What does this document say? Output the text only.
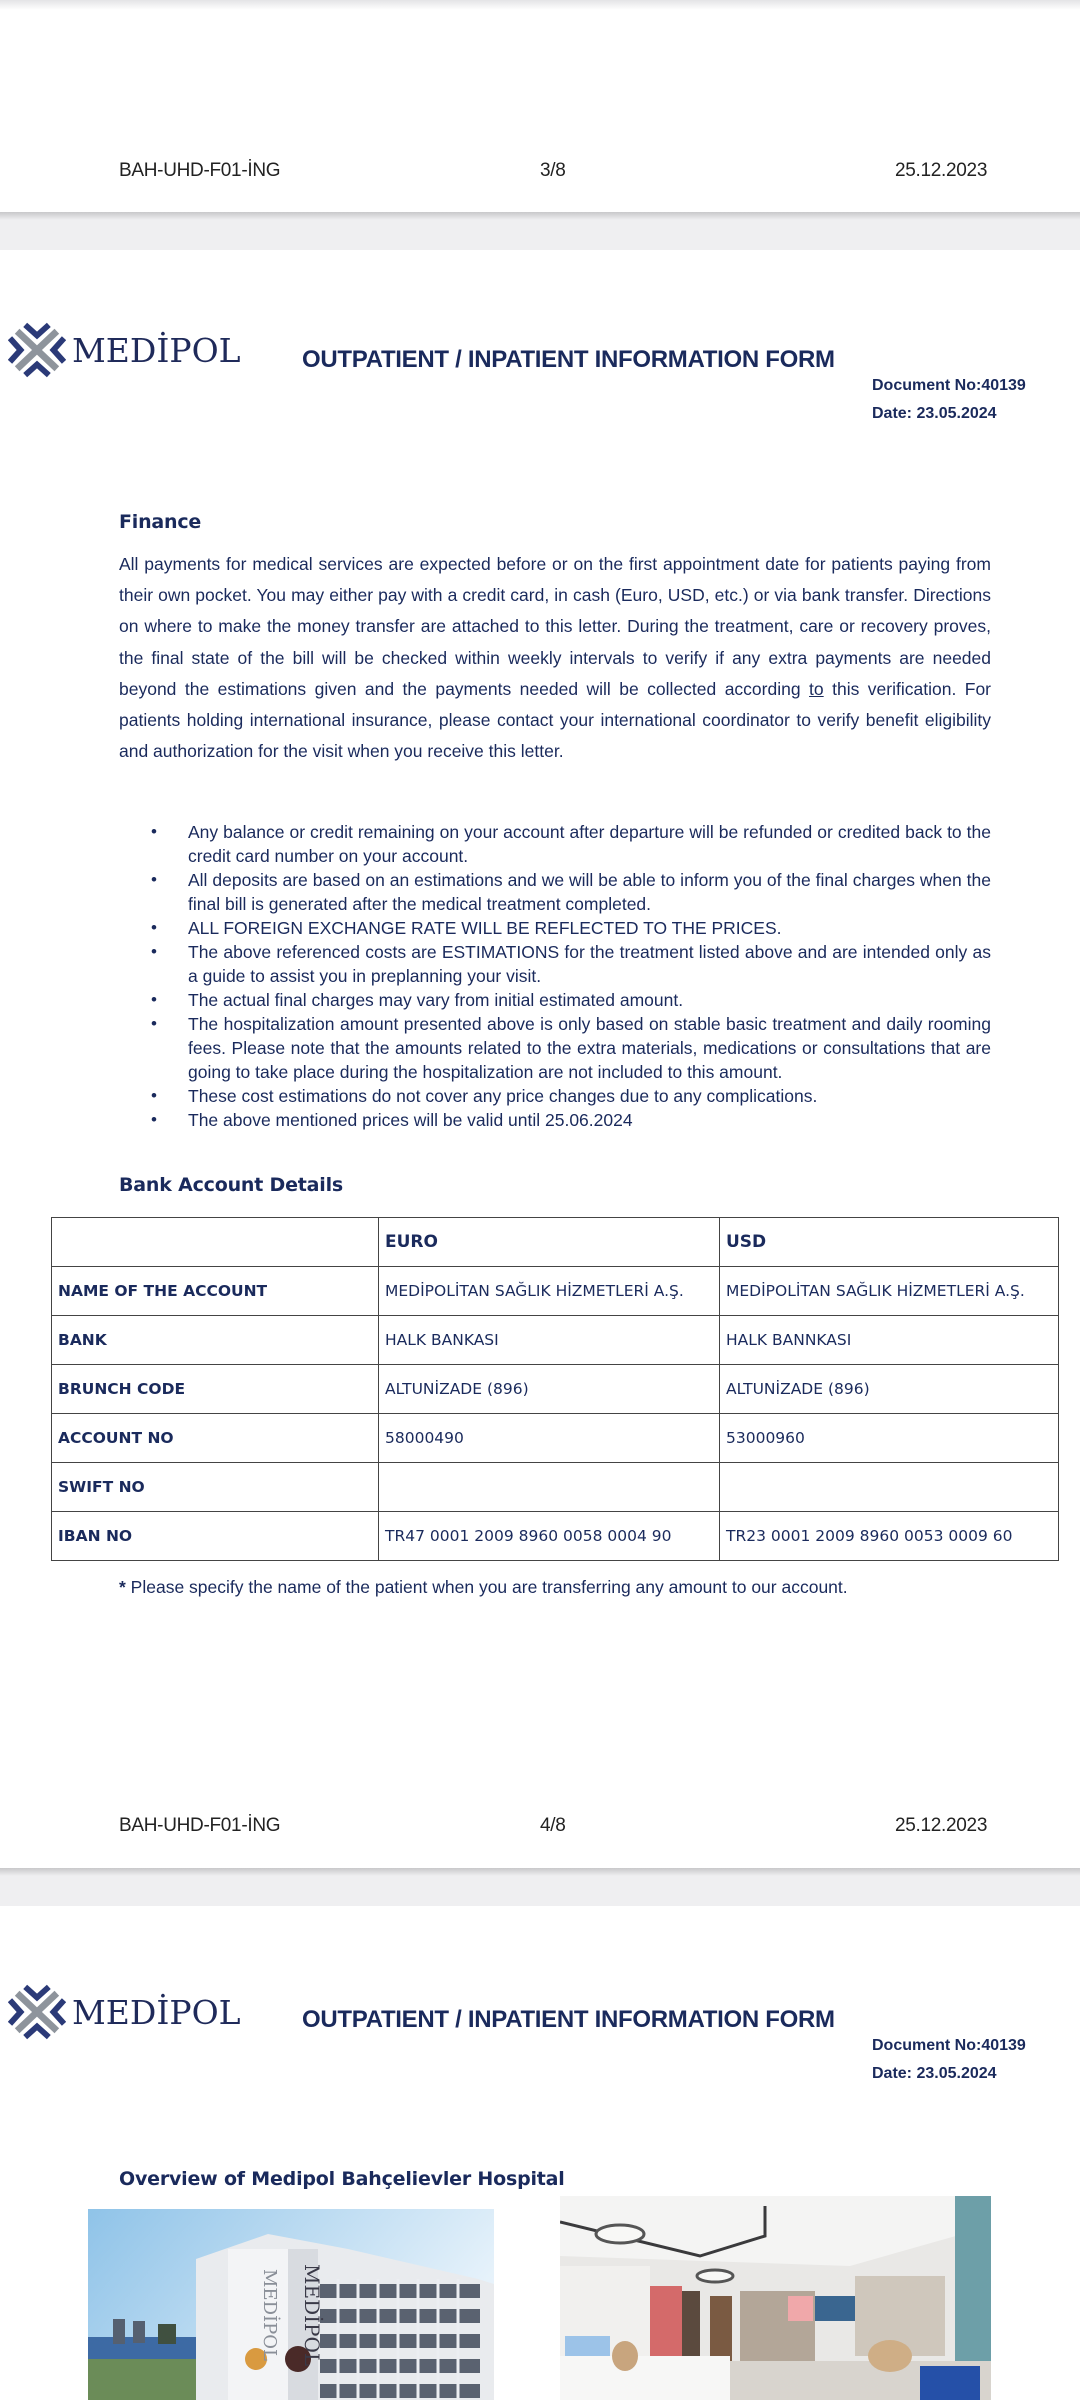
BAH-UHD-F01-İNG	3/8	25.12.2023
MEDİPOL	OUTPATIENT / INPATIENT INFORMATION FORM
Document No:40139
Date: 23.05.2024
Finance
All payments for medical services are expected before or on the first appointment date for patients paying from their own pocket. You may either pay with a credit card, in cash (Euro, USD, etc.) or via bank transfer. Directions on where to make the money transfer are attached to this letter. During the treatment, care or recovery proves, the final state of the bill will be checked within weekly intervals to verify if any extra payments are needed beyond the estimations given and the payments needed will be collected according to this verification. For patients holding international insurance, please contact your international coordinator to verify benefit eligibility and authorization for the visit when you receive this letter.
• Any balance or credit remaining on your account after departure will be refunded or credited back to the credit card number on your account.
• All deposits are based on an estimations and we will be able to inform you of the final charges when the final bill is generated after the medical treatment completed.
• ALL FOREIGN EXCHANGE RATE WILL BE REFLECTED TO THE PRICES.
• The above referenced costs are ESTIMATIONS for the treatment listed above and are intended only as a guide to assist you in preplanning your visit.
• The actual final charges may vary from initial estimated amount.
• The hospitalization amount presented above is only based on stable basic treatment and daily rooming fees. Please note that the amounts related to the extra materials, medications or consultations that are going to take place during the hospitalization are not included to this amount.
• These cost estimations do not cover any price changes due to any complications.
• The above mentioned prices will be valid until 25.06.2024
Bank Account Details
	EURO	USD
NAME OF THE ACCOUNT	MEDİPOLİTAN SAĞLIK HİZMETLERİ A.Ş.	MEDİPOLİTAN SAĞLIK HİZMETLERİ A.Ş.
BANK	HALK BANKASI	HALK BANNKASI
BRUNCH CODE	ALTUNİZADE (896)	ALTUNİZADE (896)
ACCOUNT NO	58000490	53000960
SWIFT NO		
IBAN NO	TR47 0001 2009 8960 0058 0004 90	TR23 0001 2009 8960 0053 0009 60
* Please specify the name of the patient when you are transferring any amount to our account.
BAH-UHD-F01-İNG	4/8	25.12.2023
MEDİPOL	OUTPATIENT / INPATIENT INFORMATION FORM
Document No:40139
Date: 23.05.2024
Overview of Medipol Bahçelievler Hospital
MEDİPOL MEDİPOL
